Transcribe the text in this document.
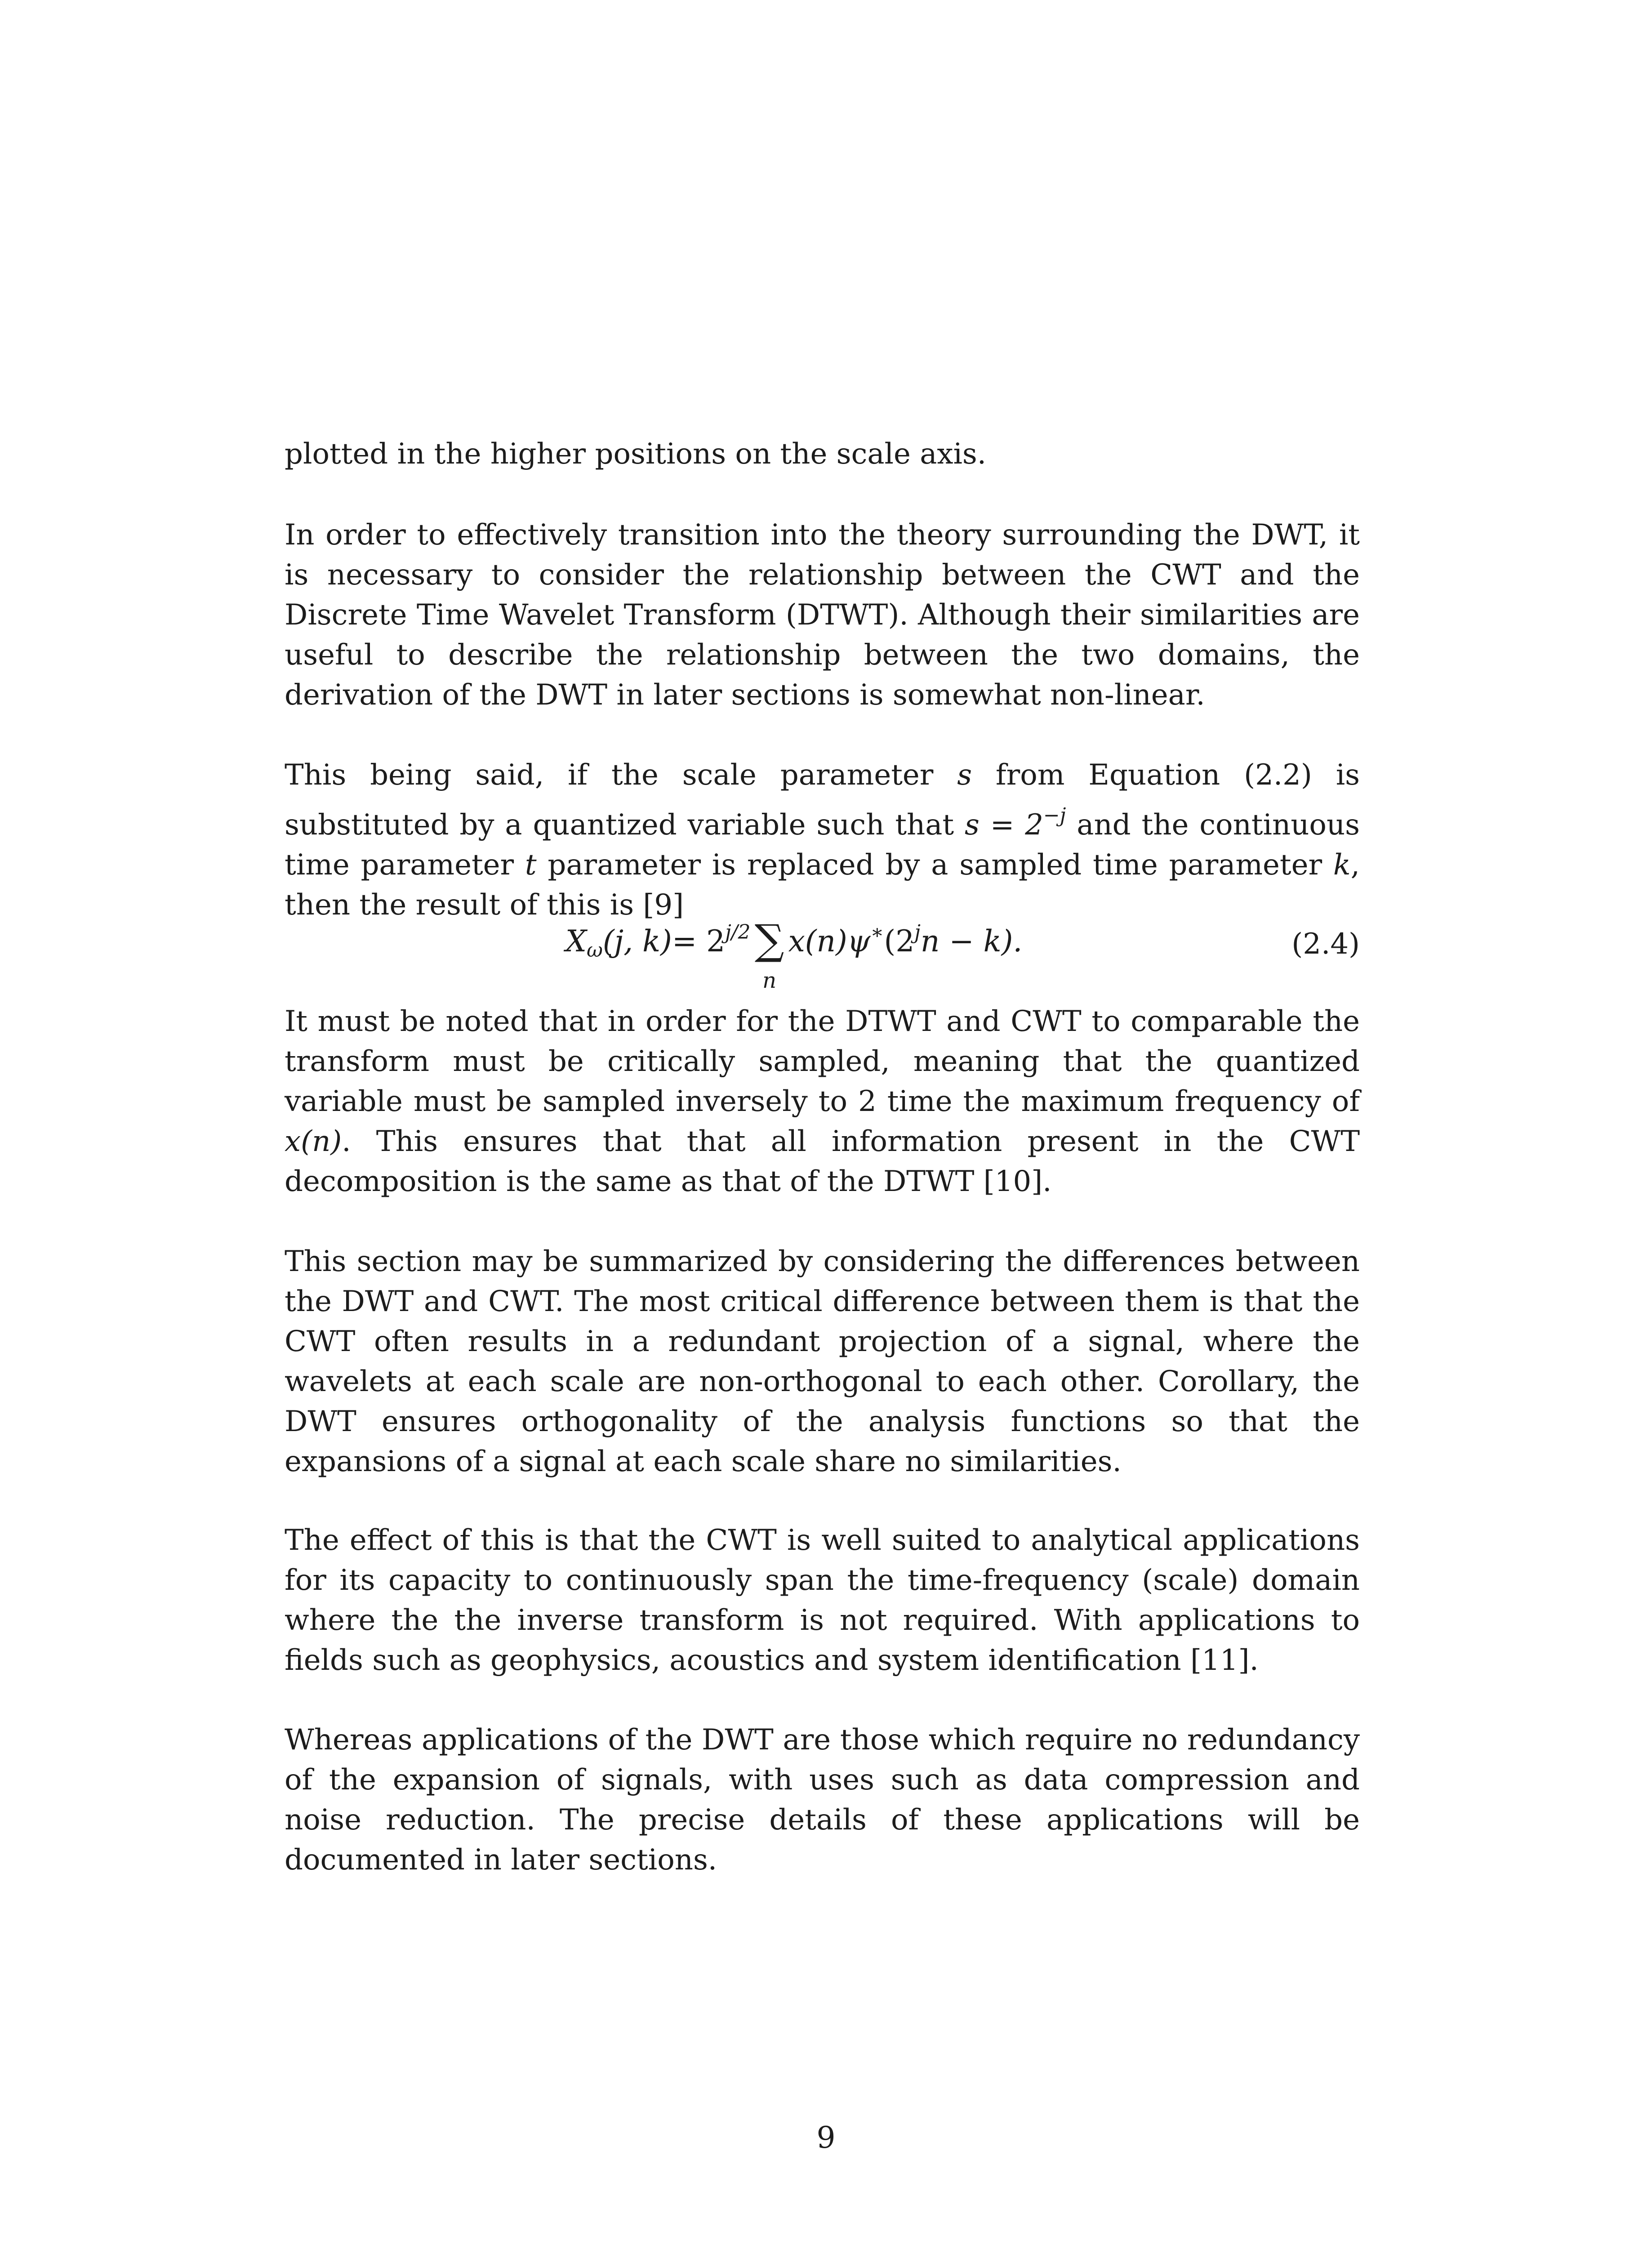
plotted in the higher positions on the scale axis.

In order to effectively transition into the theory surrounding the DWT, it is necessary to consider the relationship between the CWT and the Discrete Time Wavelet Transform (DTWT). Although their similarities are useful to describe the relationship between the two domains, the derivation of the DWT in later sections is somewhat non-linear.

This being said, if the scale parameter s from Equation (2.2) is substituted by a quantized variable such that $s = 2^{-j}$ and the continuous time parameter t parameter is replaced by a sampled time parameter k, then the result of this is [9]

Xω(j, k)= 2j/2∑
n
x(n)ψ∗(2jn − k).	(2.4)

It must be noted that in order for the DTWT and CWT to comparable the transform must be critically sampled, meaning that the quantized variable must be sampled inversely to 2 time the maximum frequency of x(n). This ensures that that all information present in the CWT decomposition is the same as that of the DTWT [10].

This section may be summarized by considering the differences between the DWT and CWT. The most critical difference between them is that the CWT often results in a redundant projection of a signal, where the wavelets at each scale are non-orthogonal to each other. Corollary, the DWT ensures orthogonality of the analysis functions so that the expansions of a signal at each scale share no similarities.

The effect of this is that the CWT is well suited to analytical applications for its capacity to continuously span the time-frequency (scale) domain where the the inverse transform is not required. With applications to fields such as geophysics, acoustics and system identification [11].

Whereas applications of the DWT are those which require no redundancy of the expansion of signals, with uses such as data compression and noise reduction. The precise details of these applications will be documented in later sections.

9
